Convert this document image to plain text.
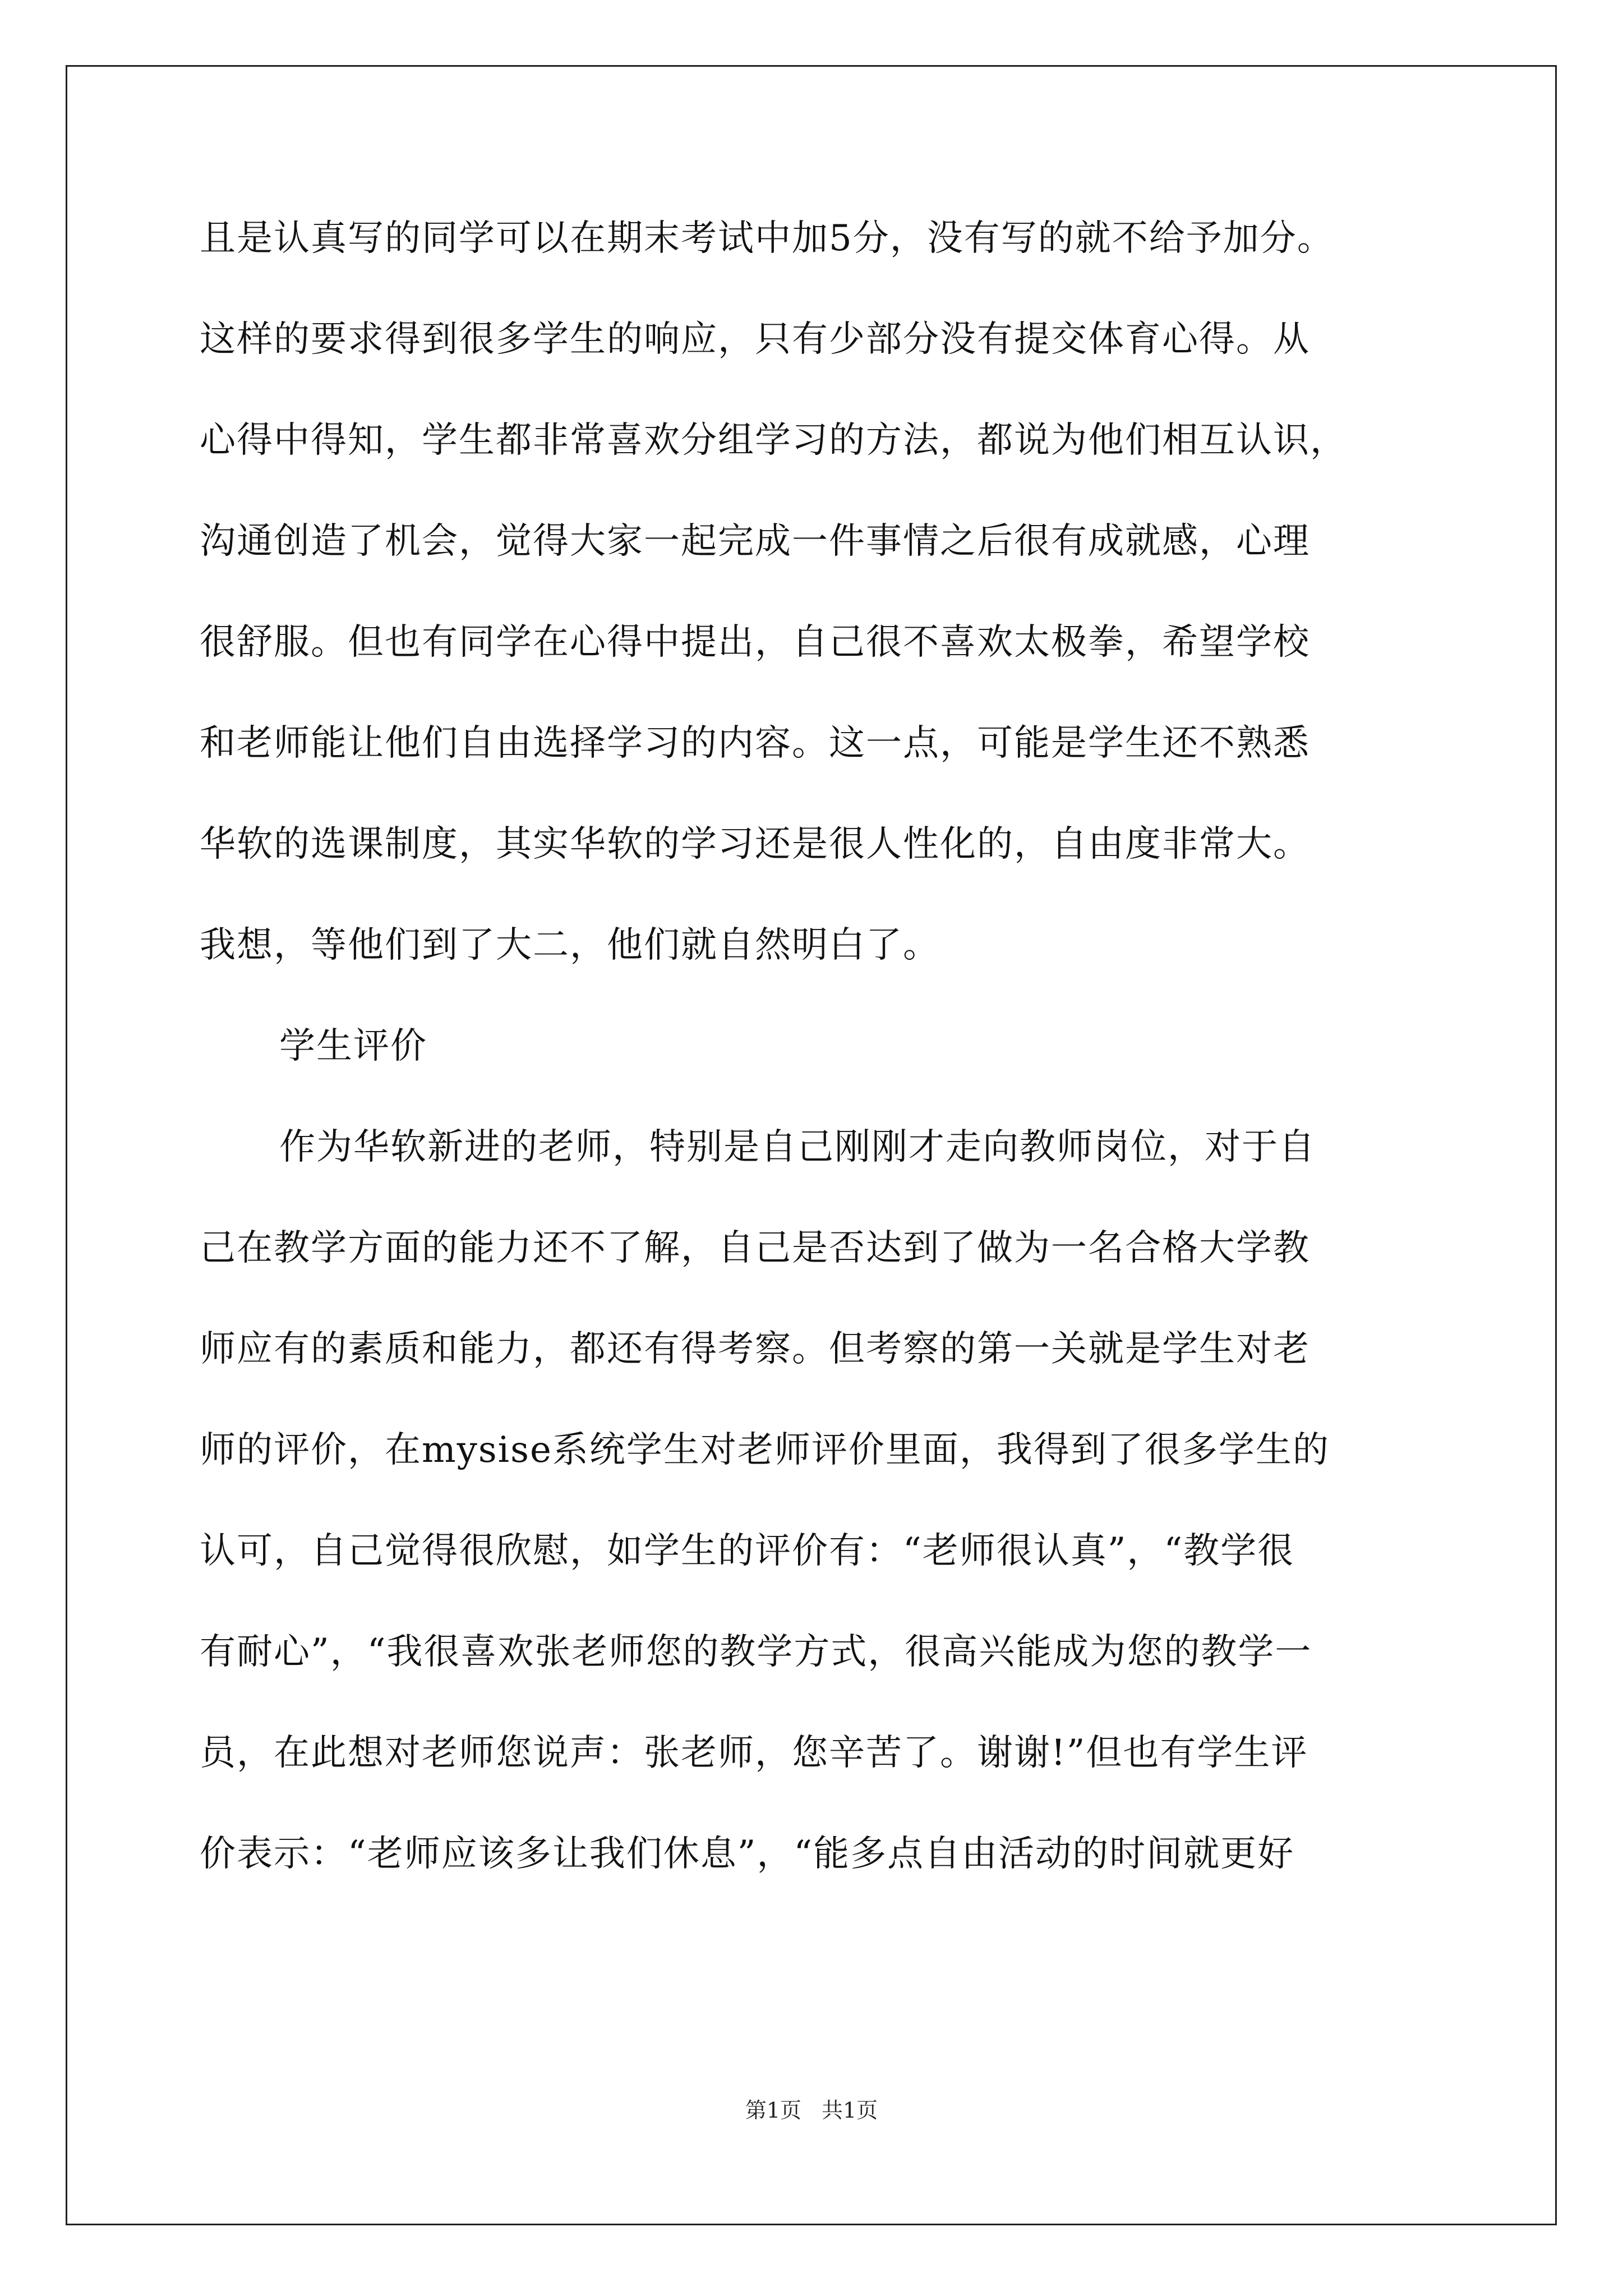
且是认真写的同学可以在期末考试中加5分，没有写的就不给予加分。
这样的要求得到很多学生的响应，只有少部分没有提交体育心得。从
心得中得知，学生都非常喜欢分组学习的方法，都说为他们相互认识，
沟通创造了机会，觉得大家一起完成一件事情之后很有成就感，心理
很舒服。但也有同学在心得中提出，自己很不喜欢太极拳，希望学校
和老师能让他们自由选择学习的内容。这一点，可能是学生还不熟悉
华软的选课制度，其实华软的学习还是很人性化的，自由度非常大。
我想，等他们到了大二，他们就自然明白了。
学生评价
作为华软新进的老师，特别是自己刚刚才走向教师岗位，对于自
己在教学方面的能力还不了解，自己是否达到了做为一名合格大学教
师应有的素质和能力，都还有得考察。但考察的第一关就是学生对老
师的评价，在mysise系统学生对老师评价里面，我得到了很多学生的
认可，自己觉得很欣慰，如学生的评价有：“老师很认真”，“教学很
有耐心”，“我很喜欢张老师您的教学方式，很高兴能成为您的教学一
员，在此想对老师您说声：张老师，您辛苦了。谢谢!”但也有学生评
价表示：“老师应该多让我们休息”，“能多点自由活动的时间就更好
第1页 共1页
